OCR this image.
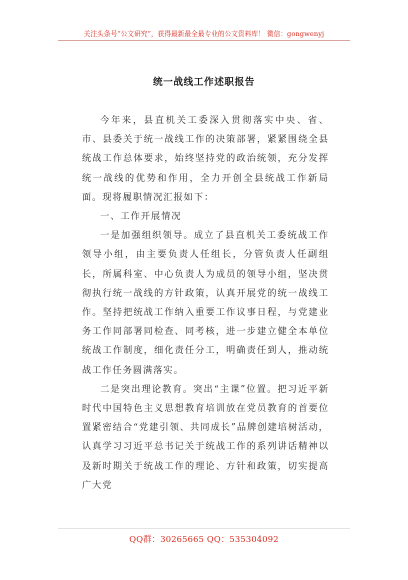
关注头条号“公文研究”，获得最新最全最专业的公文资料库！ 微信：gongwenyj
统一战线工作述职报告

今年来，县直机关工委深入贯彻落实中央、省、市、县委关于统一战线工作的决策部署，紧紧围绕全县统战工作总体要求，始终坚持党的政治统领，充分发挥统一战线的优势和作用，全力开创全县统战工作新局面。现将履职情况汇报如下：

一、工作开展情况

一是加强组织领导。成立了县直机关工委统战工作领导小组，由主要负责人任组长，分管负责人任副组长，所属科室、中心负责人为成员的领导小组，坚决贯彻执行统一战线的方针政策，认真开展党的统一战线工作。坚持把统战工作纳入重要工作议事日程，与党建业务工作同部署同检查、同考核，进一步建立健全本单位统战工作制度，细化责任分工，明确责任到人，推动统战工作任务圆满落实。

二是突出理论教育。突出“主课”位置。把习近平新时代中国特色主义思想教育培训放在党员教育的首要位置紧密结合“党建引领、共同成长”品牌创建培树活动，认真学习习近平总书记关于统战工作的系列讲话精神以及新时期关于统战工作的理论、方针和政策，切实提高广大党

QQ群：30265665 QQ：535304092
